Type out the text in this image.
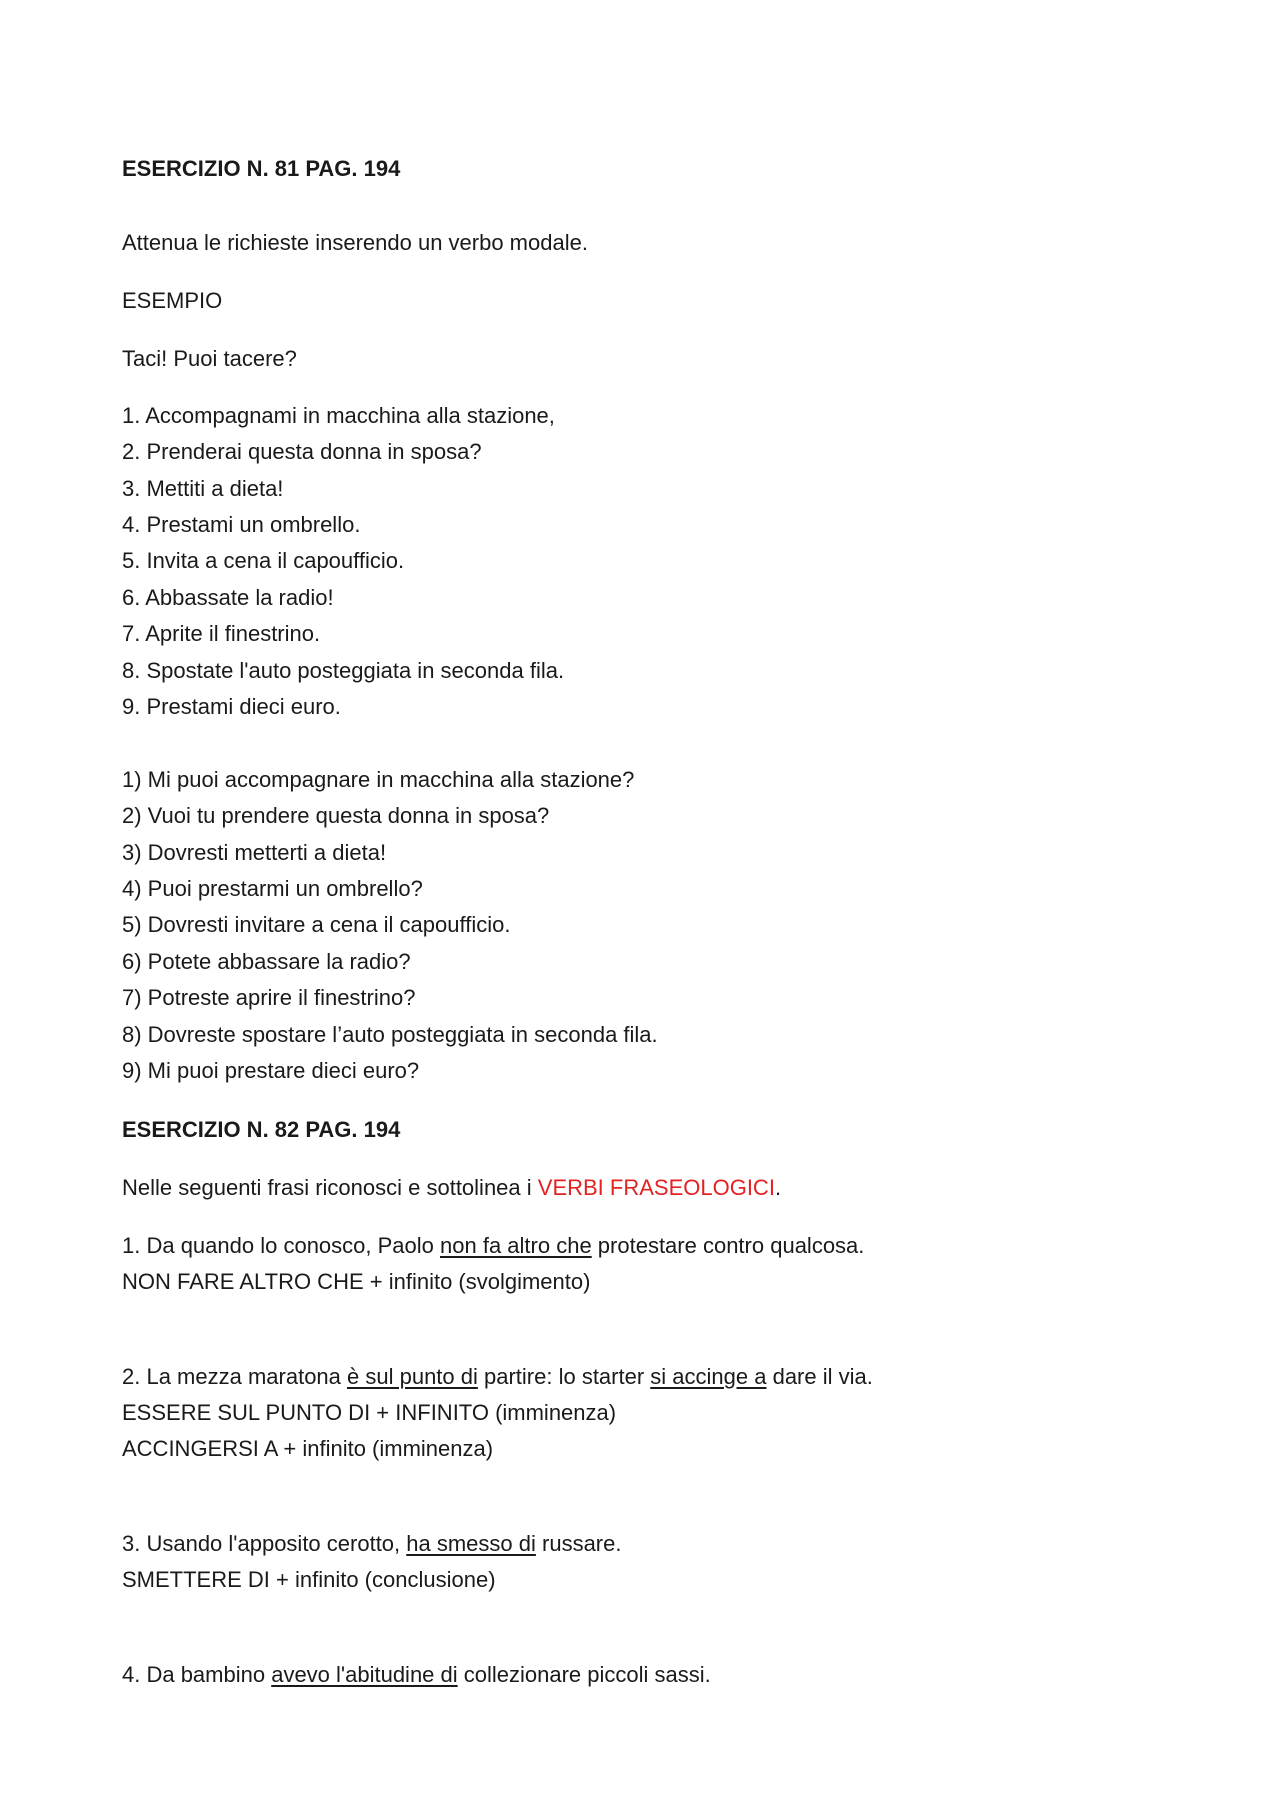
ESERCIZIO N. 81 PAG. 194
Attenua le richieste inserendo un verbo modale.
ESEMPIO
Taci! Puoi tacere?
1. Accompagnami in macchina alla stazione,
2. Prenderai questa donna in sposa?
3. Mettiti a dieta!
4. Prestami un ombrello.
5. Invita a cena il capoufficio.
6. Abbassate la radio!
7. Aprite il finestrino.
8. Spostate l'auto posteggiata in seconda fila.
9. Prestami dieci euro.
1) Mi puoi accompagnare in macchina alla stazione?
2) Vuoi tu prendere questa donna in sposa?
3) Dovresti metterti a dieta!
4) Puoi prestarmi un ombrello?
5) Dovresti invitare a cena il capoufficio.
6) Potete abbassare la radio?
7) Potreste aprire il finestrino?
8) Dovreste spostare l’auto posteggiata in seconda fila.
9) Mi puoi prestare dieci euro?
ESERCIZIO N. 82 PAG. 194
Nelle seguenti frasi riconosci e sottolinea i VERBI FRASEOLOGICI.
1. Da quando lo conosco, Paolo non fa altro che protestare contro qualcosa.
NON FARE ALTRO CHE + infinito (svolgimento)
2. La mezza maratona è sul punto di partire: lo starter si accinge a dare il via.
ESSERE SUL PUNTO DI + INFINITO (imminenza)
ACCINGERSI A + infinito (imminenza)
3. Usando l'apposito cerotto, ha smesso di russare.
SMETTERE DI + infinito (conclusione)
4. Da bambino avevo l'abitudine di collezionare piccoli sassi.
